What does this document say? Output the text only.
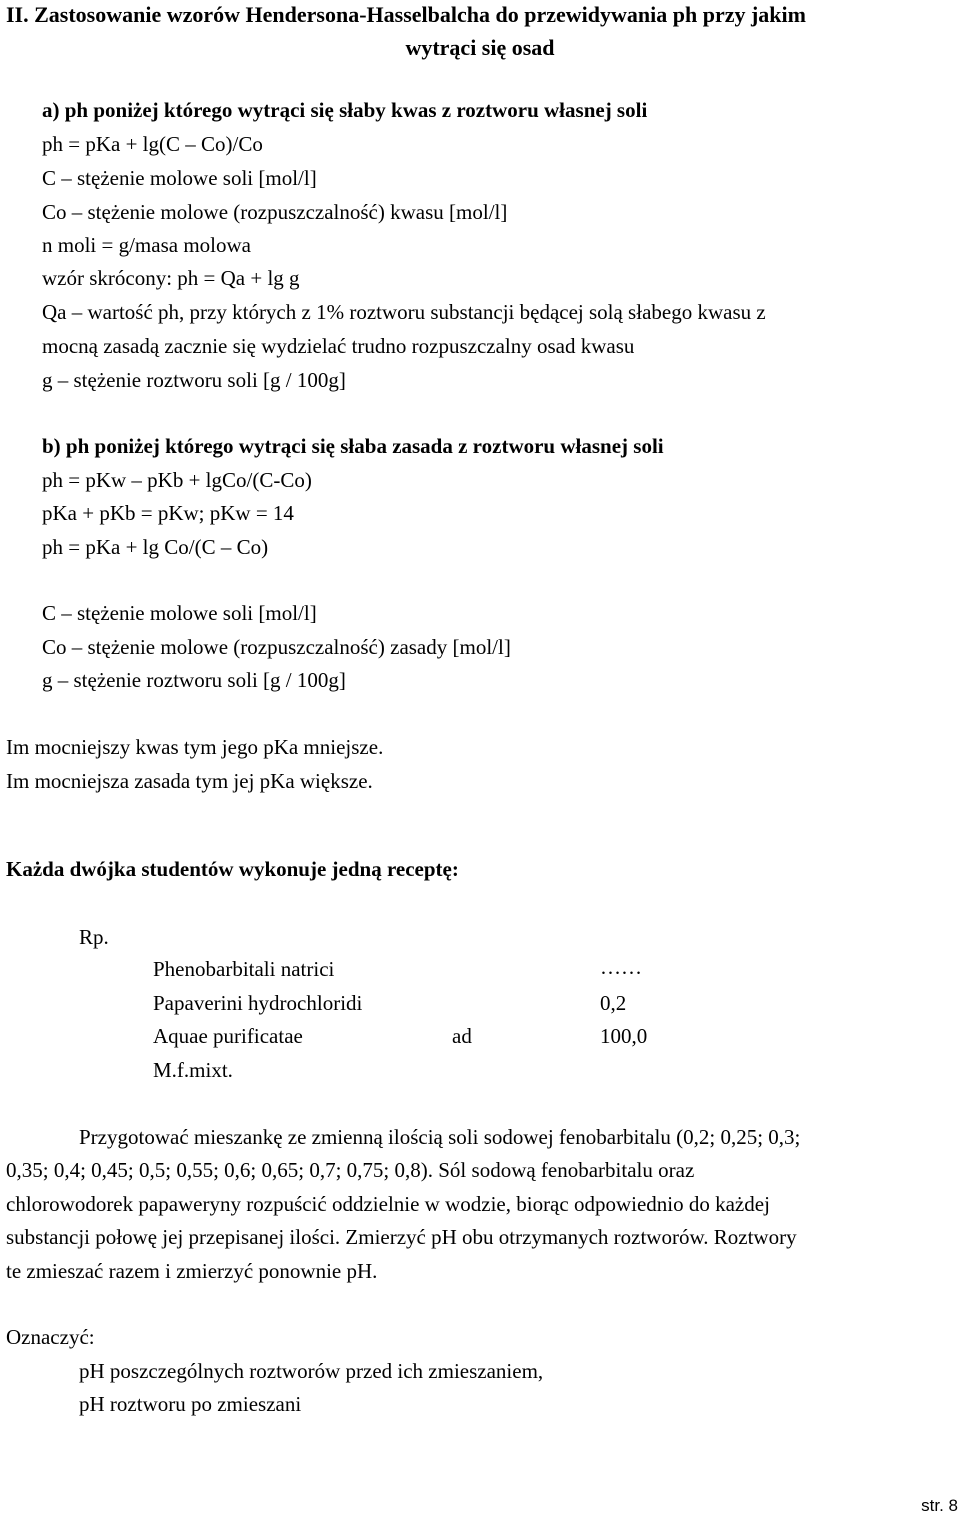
II. Zastosowanie wzorów Hendersona-Hasselbalcha do przewidywania ph przy jakim
wytrąci się osad
a) ph poniżej którego wytrąci się słaby kwas z roztworu własnej soli
ph = pKa + lg(C – Co)/Co
C – stężenie molowe soli [mol/l]
Co – stężenie molowe (rozpuszczalność) kwasu [mol/l]
n moli = g/masa molowa
wzór skrócony: ph = Qa + lg g
Qa – wartość ph, przy których z 1% roztworu substancji będącej solą słabego kwasu z
mocną zasadą zacznie się wydzielać trudno rozpuszczalny osad kwasu
g – stężenie roztworu soli [g / 100g]
b) ph poniżej którego wytrąci się słaba zasada z roztworu własnej soli
ph = pKw – pKb + lgCo/(C-Co)
pKa + pKb = pKw; pKw = 14
ph = pKa + lg Co/(C – Co)
C – stężenie molowe soli [mol/l]
Co – stężenie molowe (rozpuszczalność) zasady [mol/l]
g – stężenie roztworu soli [g / 100g]
Im mocniejszy kwas tym jego pKa mniejsze.
Im mocniejsza zasada tym jej pKa większe.
Każda dwójka studentów wykonuje jedną receptę:
Rp.
Phenobarbitali natrici	……
Papaverini hydrochloridi	0,2
Aquae purificatae	ad	100,0
M.f.mixt.
Przygotować mieszankę ze zmienną ilością soli sodowej fenobarbitalu (0,2; 0,25; 0,3;
0,35; 0,4; 0,45; 0,5; 0,55; 0,6; 0,65; 0,7; 0,75; 0,8). Sól sodową fenobarbitalu oraz
chlorowodorek papaweryny rozpuścić oddzielnie w wodzie, biorąc odpowiednio do każdej
substancji połowę jej przepisanej ilości. Zmierzyć pH obu otrzymanych roztworów. Roztwory
te zmieszać razem i zmierzyć ponownie pH.
Oznaczyć:
pH poszczególnych roztworów przed ich zmieszaniem,
pH roztworu po zmieszani
str. 8
